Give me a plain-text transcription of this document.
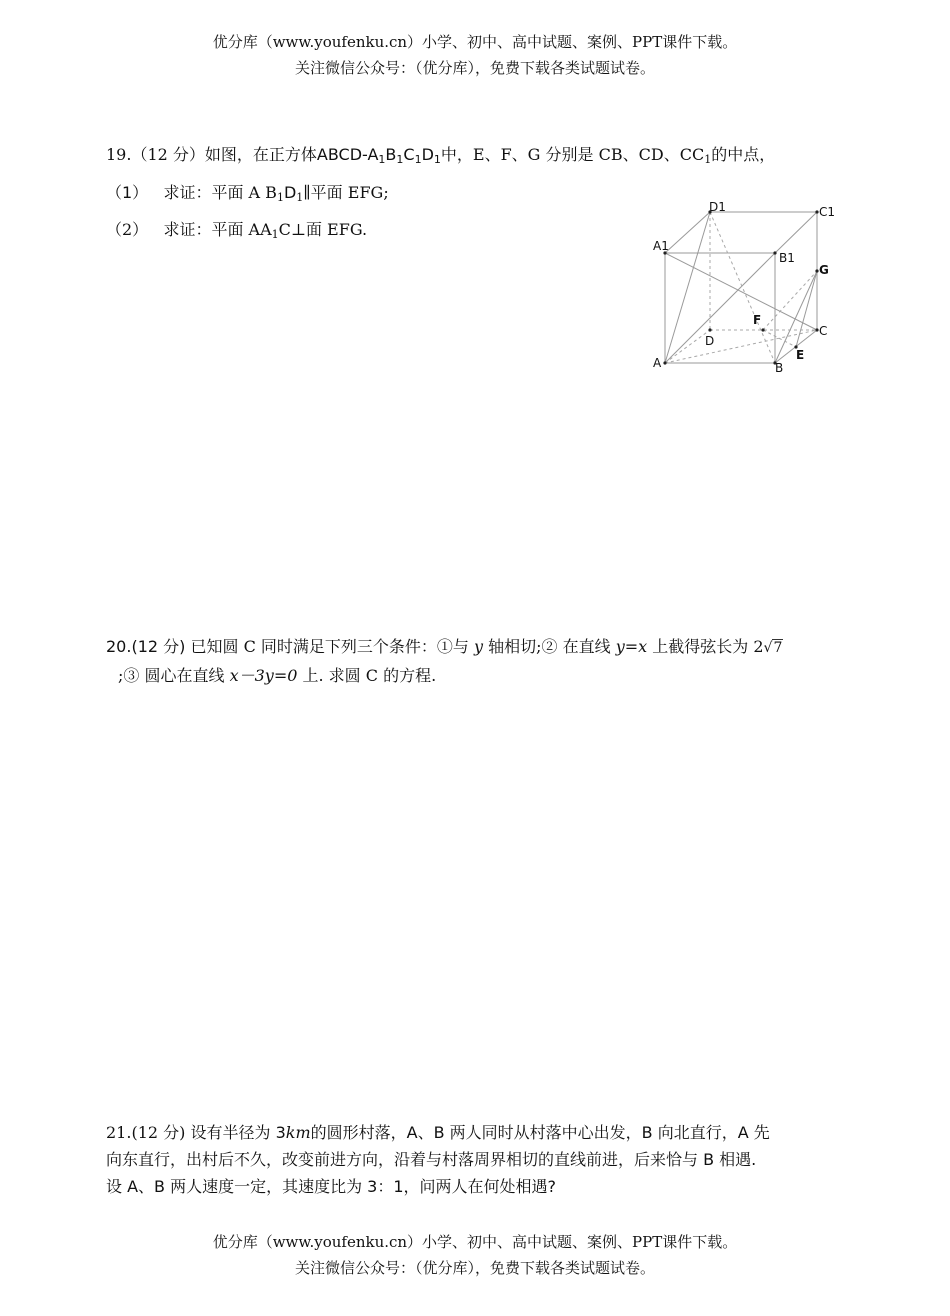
优分库（www.youfenku.cn）小学、初中、高中试题、案例、PPT课件下载。
关注微信公众号：（优分库），免费下载各类试题试卷。
19.（12 分）如图，在正方体ABCD-$A_1B_1C_1D_1$中，E、F、G 分别是 CB、CD、$CC_1$的中点，
（1） 求证：平面 A $B_1D_1\parallel$平面 EFG;
（2） 求证：平面 $AA_1C\perp$面 EFG.
D1	C1
A1
B1
G
F
D
C
E
A	B
20.(12 分) 已知圆 C 同时满足下列三个条件：①与 y 轴相切;② 在直线 y=x 上截得弦长为 2√7
;③ 圆心在直线 x－3y=0 上. 求圆 C 的方程.
21.(12 分) 设有半径为 3km的圆形村落，A、B 两人同时从村落中心出发，B 向北直行，A 先
向东直行，出村后不久，改变前进方向，沿着与村落周界相切的直线前进，后来恰与 B 相遇.
设 A、B 两人速度一定，其速度比为 3：1，问两人在何处相遇?
优分库（www.youfenku.cn）小学、初中、高中试题、案例、PPT课件下载。
关注微信公众号：（优分库），免费下载各类试题试卷。
